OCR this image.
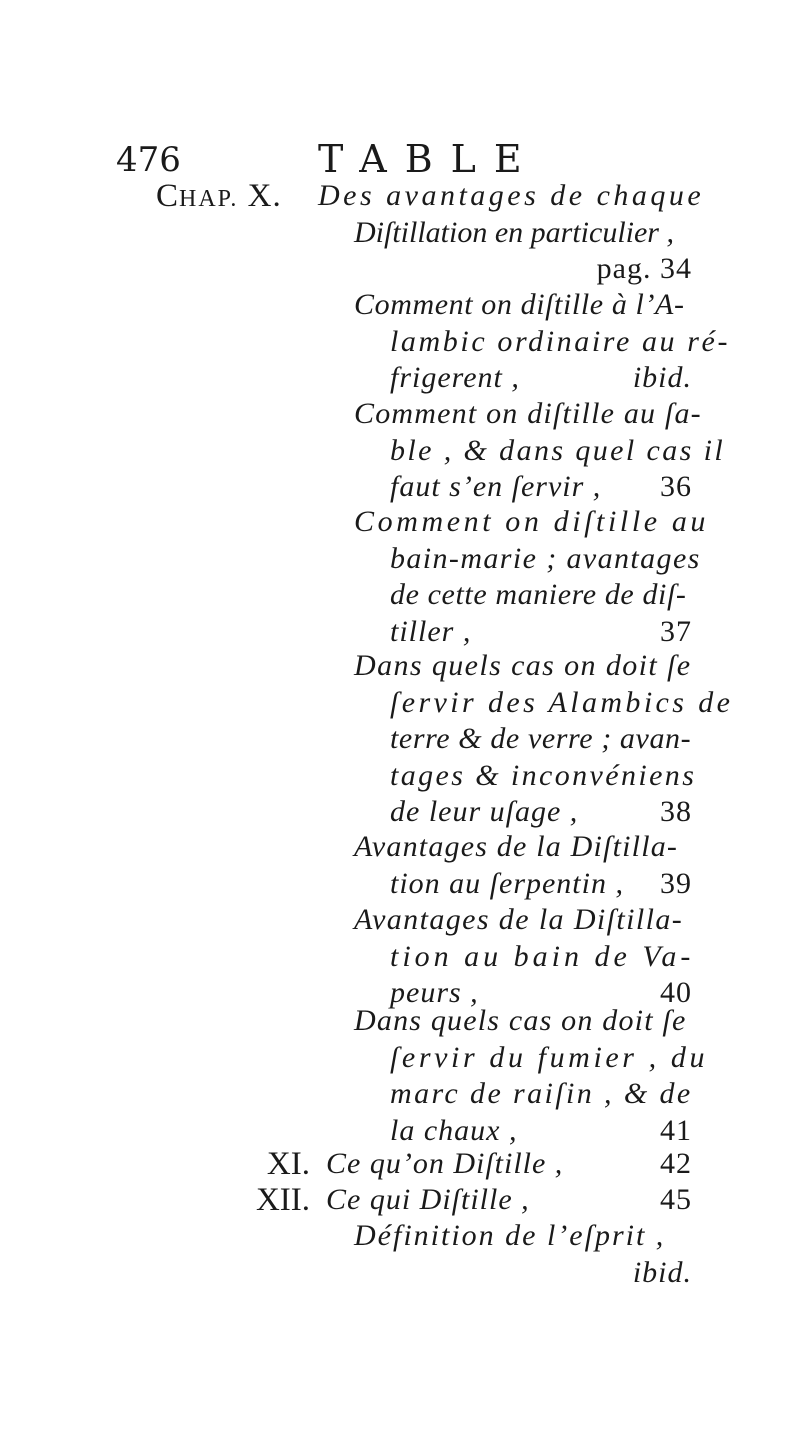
476	TABLE
CHAP. X. Des avantages de chaque
Diſtillation en particulier ,
pag. 34
Comment on diſtille à l’A-
lambic ordinaire au ré-
frigerent ,	ibid.
Comment on diſtille au ſa-
ble , & dans quel cas il
faut s’en ſervir , 36
Comment on diſtille au
bain-marie ; avantages
de cette maniere de diſ-
tiller ,	37
Dans quels cas on doit ſe
ſervir des Alambics de
terre & de verre ; avan-
tages & inconvéniens
de leur uſage ,	38
Avantages de la Diſtilla-
tion au ſerpentin , 39
Avantages de la Diſtilla-
tion au bain de Va-
peurs ,	40
Dans quels cas on doit ſe
ſervir du fumier , du
marc de raiſin , & de
la chaux ,	41
XI. Ce qu’on Diſtille ,	42
XII. Ce qui Diſtille ,	45
Définition de l’eſprit ,
ibid.
